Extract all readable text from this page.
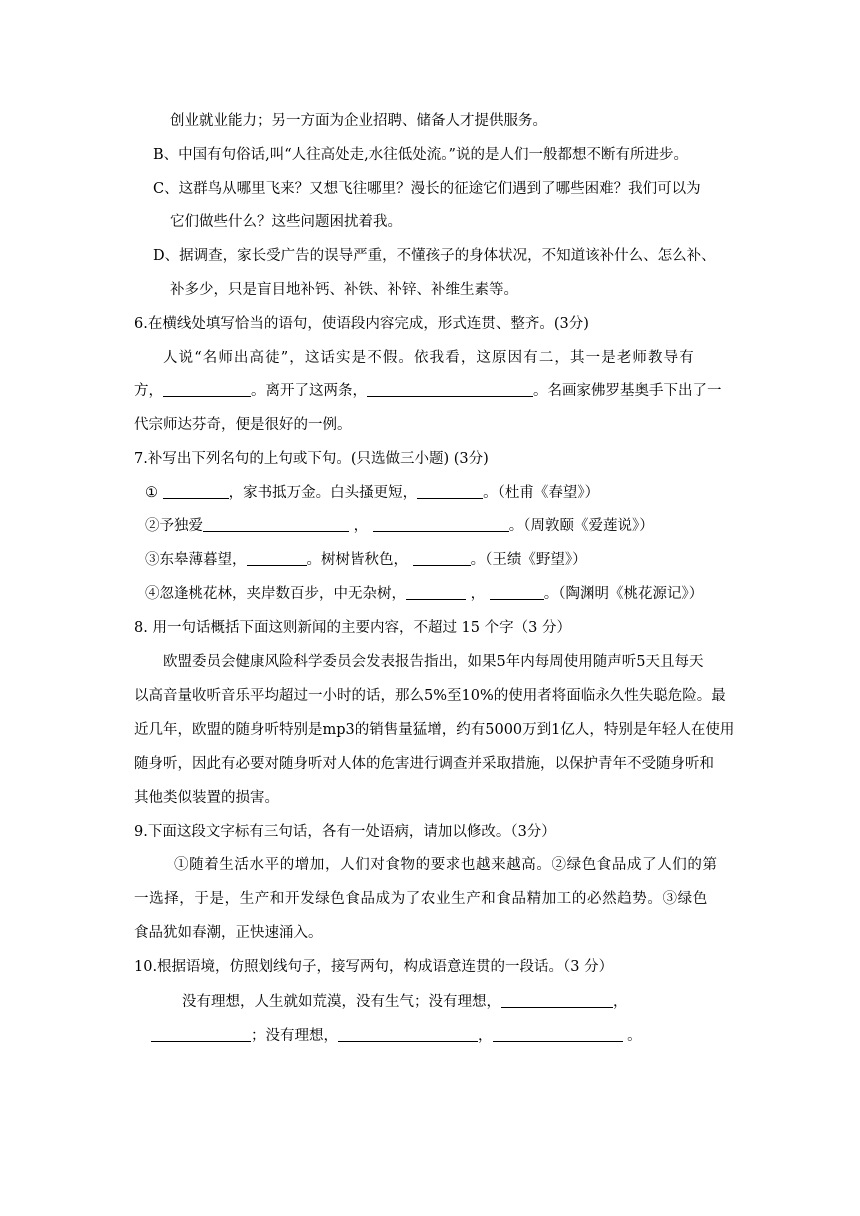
创业就业能力；另一方面为企业招聘、储备人才提供服务。
B、中国有句俗话,叫“人往高处走,水往低处流。”说的是人们一般都想不断有所进步。
C、这群鸟从哪里飞来？又想飞往哪里？漫长的征途它们遇到了哪些困难？我们可以为
它们做些什么？这些问题困扰着我。
D、据调查，家长受广告的误导严重，不懂孩子的身体状况，不知道该补什么、怎么补、
补多少，只是盲目地补钙、补铁、补锌、补维生素等。
6.在横线处填写恰当的语句，使语段内容完成，形式连贯、整齐。(3分)
人说“名师出高徒”，这话实是不假。依我看，这原因有二，其一是老师教导有
方，	。离开了这两条，	。名画家佛罗基奥手下出了一
代宗师达芬奇，便是很好的一例。
7.补写出下列名句的上句或下句。(只选做三小题) (3分)
①	，家书抵万金。白头搔更短，	。（杜甫《春望》）
②予独爱	，	。（周敦颐《爱莲说》）
③东皋薄暮望，	。树树皆秋色，	。（王绩《野望》）
④忽逢桃花林，夹岸数百步，中无杂树，	，	。（陶渊明《桃花源记》）
8. 用一句话概括下面这则新闻的主要内容，不超过 15 个字（3 分）
欧盟委员会健康风险科学委员会发表报告指出，如果5年内每周使用随声听5天且每天
以高音量收听音乐平均超过一小时的话，那么5%至10%的使用者将面临永久性失聪危险。最
近几年，欧盟的随身听特别是mp3的销售量猛增，约有5000万到1亿人，特别是年轻人在使用
随身听，因此有必要对随身听对人体的危害进行调查并采取措施，以保护青年不受随身听和
其他类似装置的损害。
9.下面这段文字标有三句话，各有一处语病，请加以修改。（3分）
①随着生活水平的增加，人们对食物的要求也越来越高。②绿色食品成了人们的第
一选择，于是，生产和开发绿色食品成为了农业生产和食品精加工的必然趋势。③绿色
食品犹如春潮，正快速涌入。
10.根据语境，仿照划线句子，接写两句，构成语意连贯的一段话。（3 分）
没有理想，人生就如荒漠，没有生气；没有理想，	，
；没有理想，	，	。
